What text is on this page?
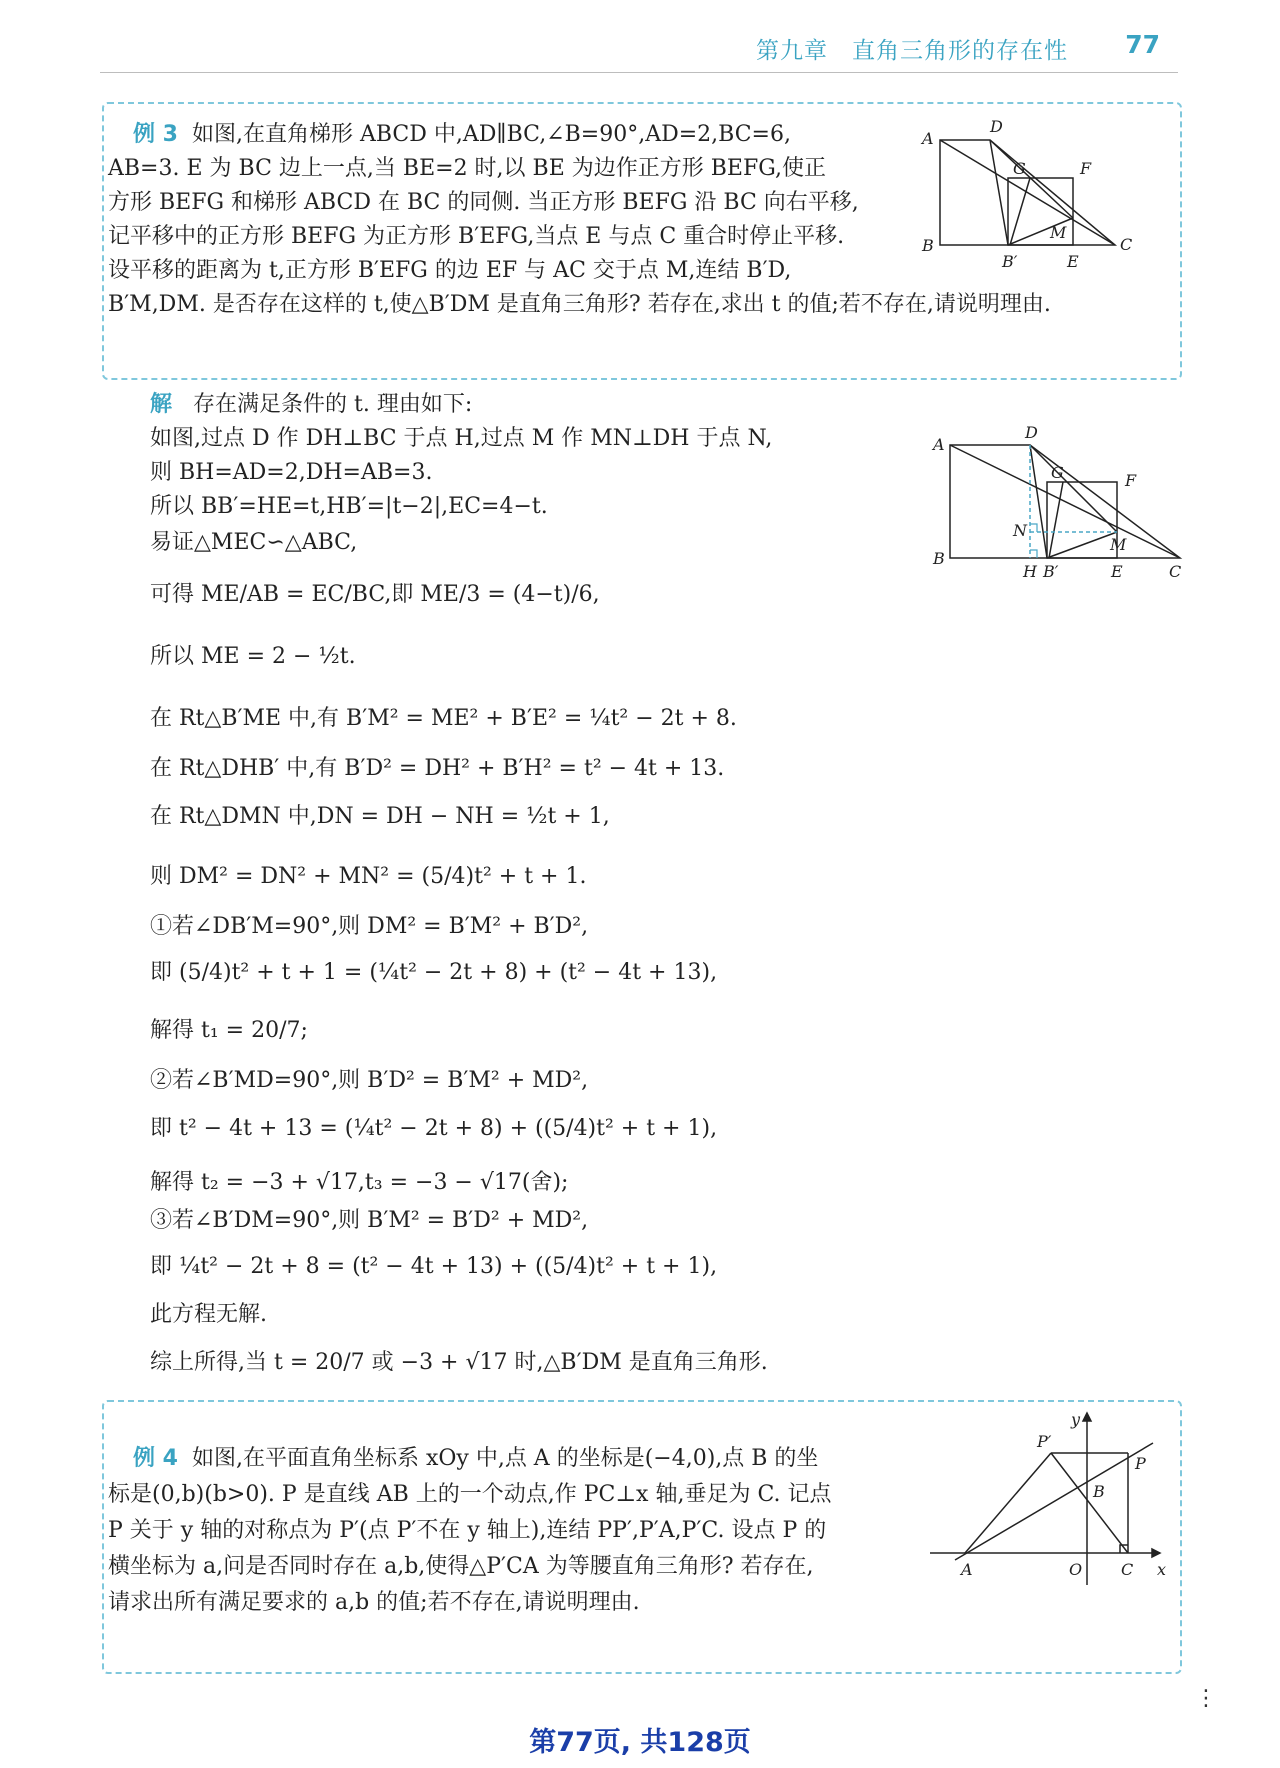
第九章　直角三角形的存在性 77
例 3 如图,在直角梯形 ABCD 中,AD∥BC,∠B=90°,AD=2,BC=6,
AB=3. E 为 BC 边上一点,当 BE=2 时,以 BE 为边作正方形 BEFG,使正
方形 BEFG 和梯形 ABCD 在 BC 的同侧. 当正方形 BEFG 沿 BC 向右平移,
记平移中的正方形 BEFG 为正方形 B′EFG,当点 E 与点 C 重合时停止平移.
设平移的距离为 t,正方形 B′EFG 的边 EF 与 AC 交于点 M,连结 B′D,
B′M,DM. 是否存在这样的 t,使△B′DM 是直角三角形? 若存在,求出 t 的值;若不存在,请说明理由.
A
D
G	F
M
B
B′	E
C
解 存在满足条件的 t. 理由如下:
如图,过点 D 作 DH⊥BC 于点 H,过点 M 作 MN⊥DH 于点 N,
则 BH=AD=2,DH=AB=3.
所以 BB′=HE=t,HB′=|t−2|,EC=4−t.
易证△MEC∽△ABC,
可得 ME/AB = EC/BC,即 ME/3 = (4−t)/6,
所以 ME = 2 − ½t.
在 Rt△B′ME 中,有 B′M² = ME² + B′E² = ¼t² − 2t + 8.
在 Rt△DHB′ 中,有 B′D² = DH² + B′H² = t² − 4t + 13.
在 Rt△DMN 中,DN = DH − NH = ½t + 1,
则 DM² = DN² + MN² = (5/4)t² + t + 1.
①若∠DB′M=90°,则 DM² = B′M² + B′D²,
即 (5/4)t² + t + 1 = (¼t² − 2t + 8) + (t² − 4t + 13),
解得 t₁ = 20/7;
②若∠B′MD=90°,则 B′D² = B′M² + MD²,
即 t² − 4t + 13 = (¼t² − 2t + 8) + ((5/4)t² + t + 1),
解得 t₂ = −3 + √17,t₃ = −3 − √17(舍);
③若∠B′DM=90°,则 B′M² = B′D² + MD²,
即 ¼t² − 2t + 8 = (t² − 4t + 13) + ((5/4)t² + t + 1),
此方程无解.
综上所得,当 t = 20/7 或 −3 + √17 时,△B′DM 是直角三角形.
A
D
G	F
N
M
B
H B′	E	C
例 4 如图,在平面直角坐标系 xOy 中,点 A 的坐标是(−4,0),点 B 的坐
标是(0,b)(b>0). P 是直线 AB 上的一个动点,作 PC⊥x 轴,垂足为 C. 记点
P 关于 y 轴的对称点为 P′(点 P′不在 y 轴上),连结 PP′,P′A,P′C. 设点 P 的
横坐标为 a,问是否同时存在 a,b,使得△P′CA 为等腰直角三角形? 若存在,
请求出所有满足要求的 a,b 的值;若不存在,请说明理由.
y
P′
P
B
A	O C x
⋮
第77页, 共128页
